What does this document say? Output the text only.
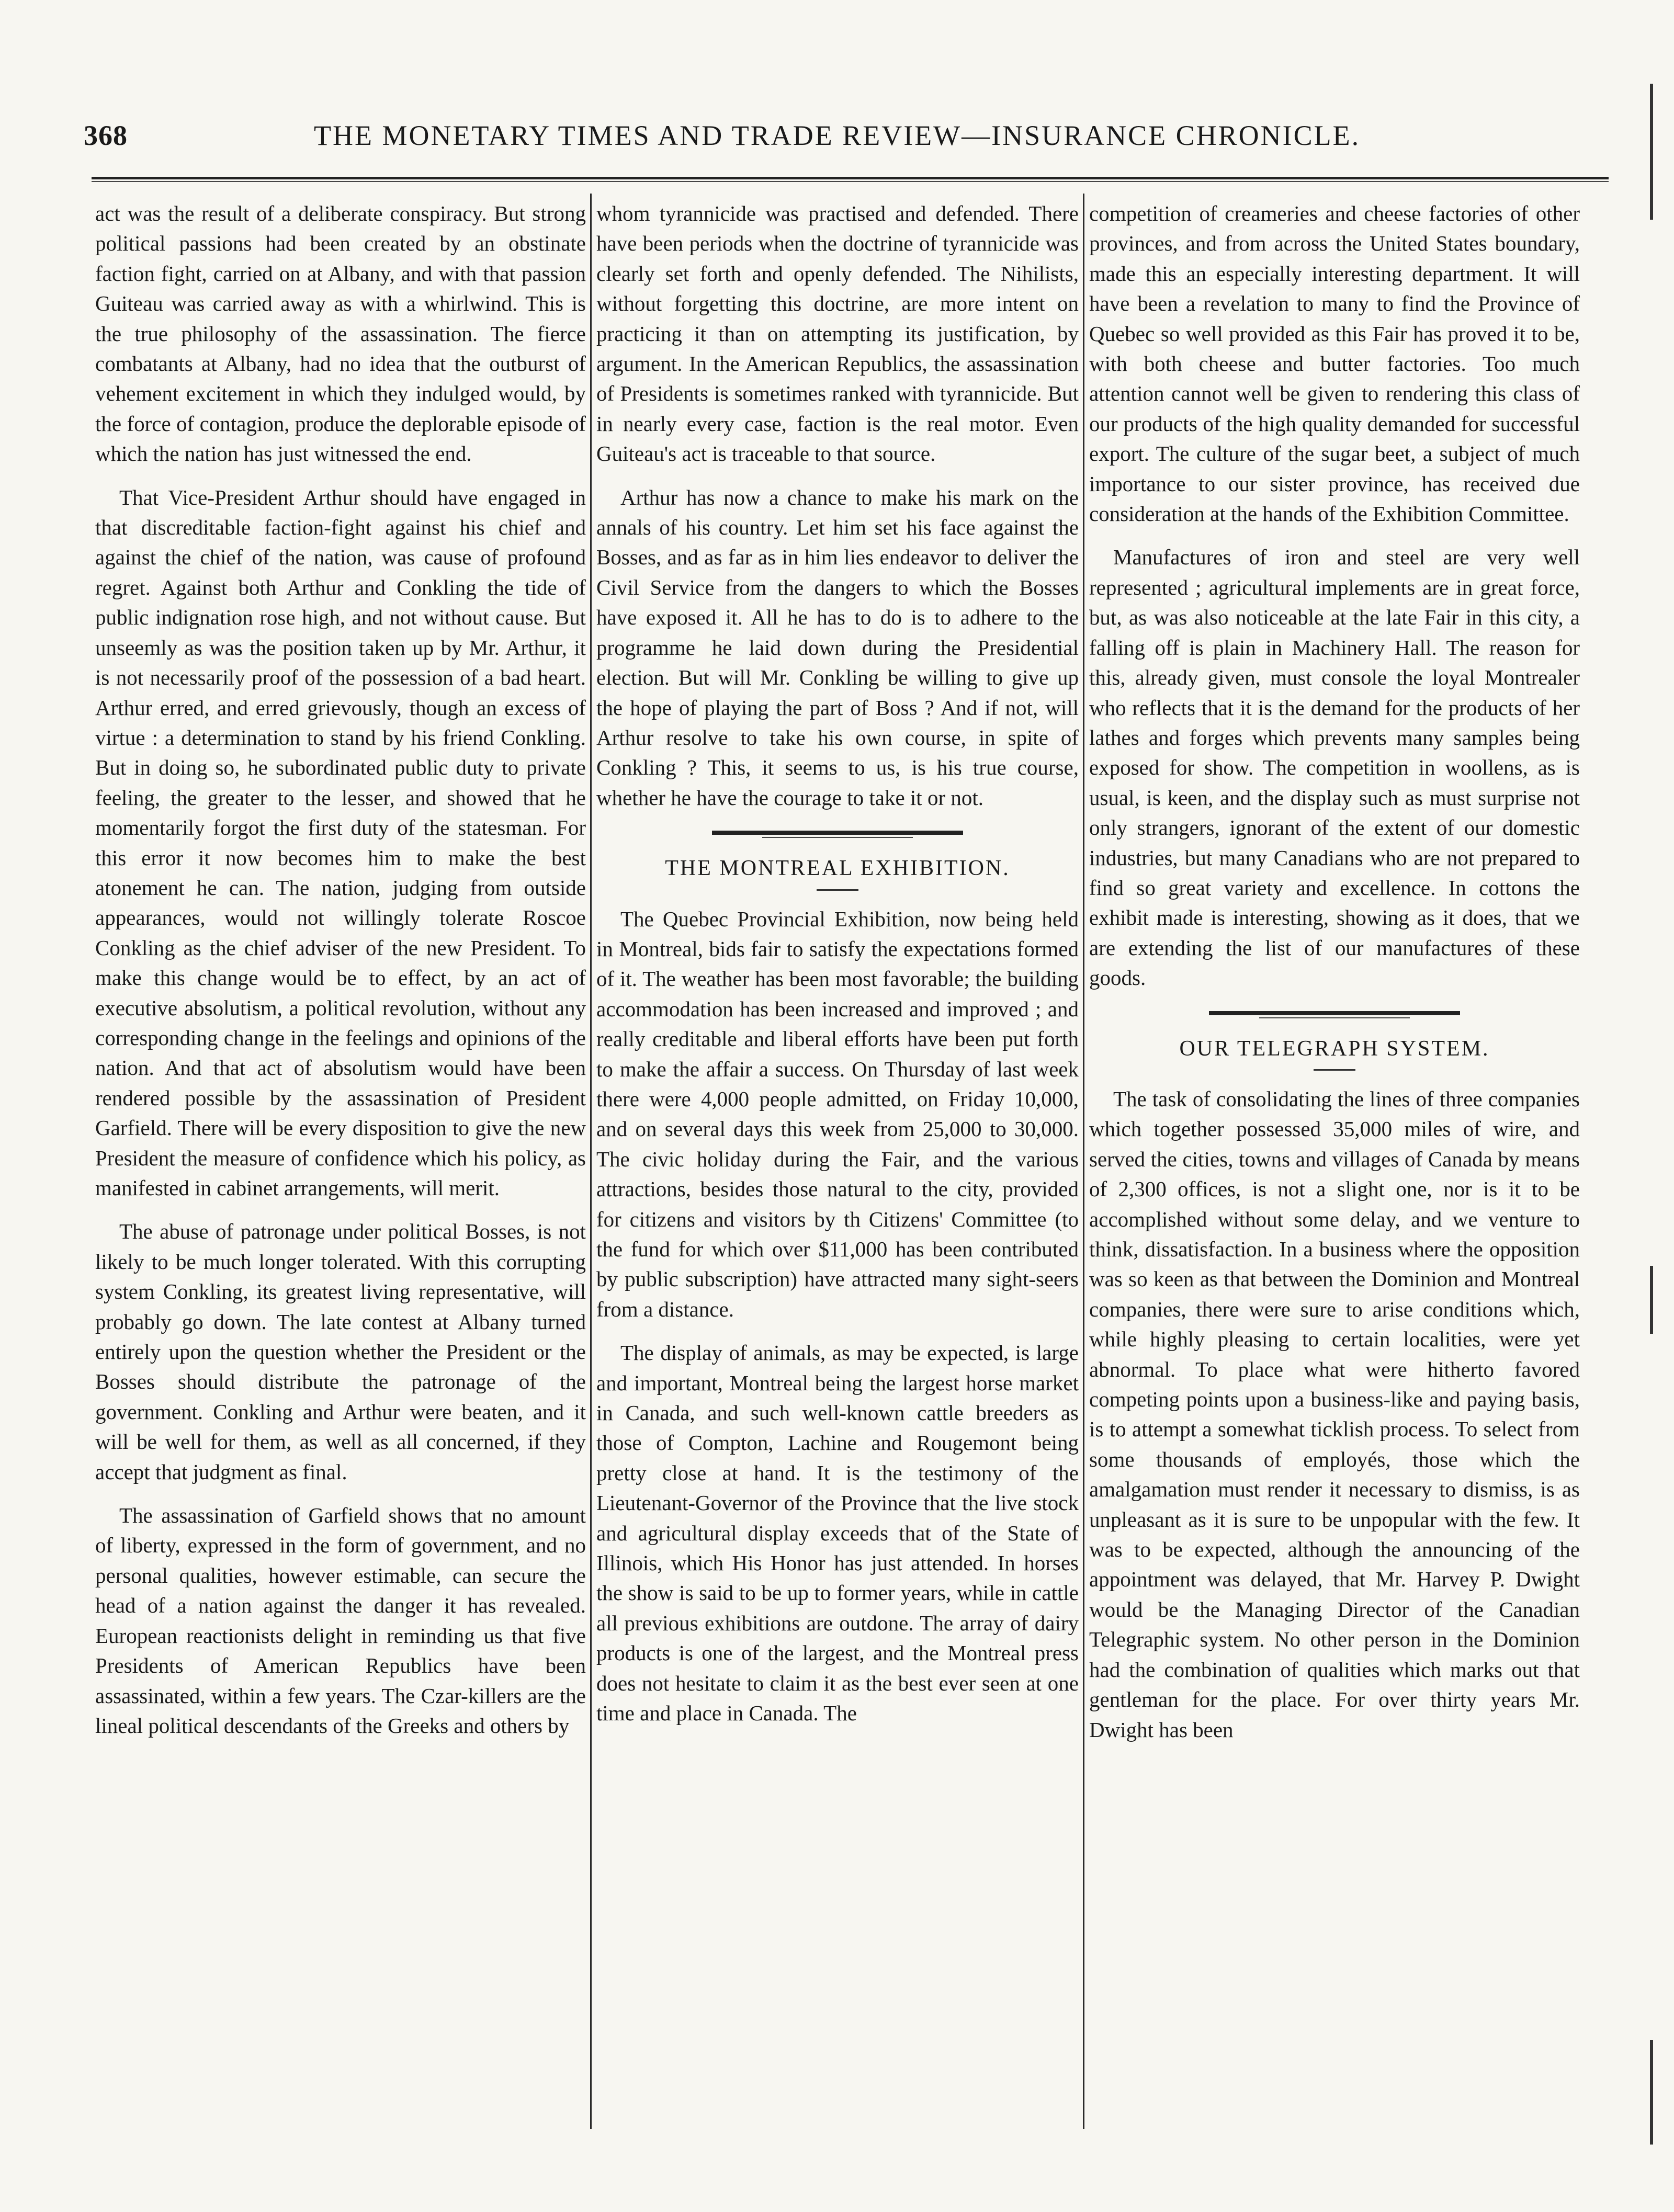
368	THE MONETARY TIMES AND TRADE REVIEW—INSURANCE CHRONICLE.

act was the result of a deliberate conspiracy. But strong political passions had been created by an obstinate faction fight, carried on at Albany, and with that passion Guiteau was carried away as with a whirlwind. This is the true philosophy of the assassination. The fierce combatants at Albany, had no idea that the outburst of vehement excitement in which they indulged would, by the force of contagion, produce the deplorable episode of which the nation has just witnessed the end.

That Vice-President Arthur should have engaged in that discreditable faction-fight against his chief and against the chief of the nation, was cause of profound regret. Against both Arthur and Conkling the tide of public indignation rose high, and not without cause. But unseemly as was the position taken up by Mr. Arthur, it is not necessarily proof of the possession of a bad heart. Arthur erred, and erred grievously, though an excess of virtue : a determination to stand by his friend Conkling. But in doing so, he subordinated public duty to private feeling, the greater to the lesser, and showed that he momentarily forgot the first duty of the statesman. For this error it now becomes him to make the best atonement he can. The nation, judging from outside appearances, would not willingly tolerate Roscoe Conkling as the chief adviser of the new President. To make this change would be to effect, by an act of executive absolutism, a political revolution, without any corresponding change in the feelings and opinions of the nation. And that act of absolutism would have been rendered possible by the assassination of President Garfield. There will be every disposition to give the new President the measure of confidence which his policy, as manifested in cabinet arrangements, will merit.

The abuse of patronage under political Bosses, is not likely to be much longer tolerated. With this corrupting system Conkling, its greatest living representative, will probably go down. The late contest at Albany turned entirely upon the question whether the President or the Bosses should distribute the patronage of the government. Conkling and Arthur were beaten, and it will be well for them, as well as all concerned, if they accept that judgment as final.

The assassination of Garfield shows that no amount of liberty, expressed in the form of government, and no personal qualities, however estimable, can secure the head of a nation against the danger it has revealed. European reactionists delight in reminding us that five Presidents of American Republics have been assassinated, within a few years. The Czar-killers are the lineal political descendants of the Greeks and others by

whom tyrannicide was practised and defended. There have been periods when the doctrine of tyrannicide was clearly set forth and openly defended. The Nihilists, without forgetting this doctrine, are more intent on practicing it than on attempting its justification, by argument. In the American Republics, the assassination of Presidents is sometimes ranked with tyrannicide. But in nearly every case, faction is the real motor. Even Guiteau's act is traceable to that source.

Arthur has now a chance to make his mark on the annals of his country. Let him set his face against the Bosses, and as far as in him lies endeavor to deliver the Civil Service from the dangers to which the Bosses have exposed it. All he has to do is to adhere to the programme he laid down during the Presidential election. But will Mr. Conkling be willing to give up the hope of playing the part of Boss ? And if not, will Arthur resolve to take his own course, in spite of Conkling ? This, it seems to us, is his true course, whether he have the courage to take it or not.

THE MONTREAL EXHIBITION.

The Quebec Provincial Exhibition, now being held in Montreal, bids fair to satisfy the expectations formed of it. The weather has been most favorable; the building accommodation has been increased and improved ; and really creditable and liberal efforts have been put forth to make the affair a success. On Thursday of last week there were 4,000 people admitted, on Friday 10,000, and on several days this week from 25,000 to 30,000. The civic holiday during the Fair, and the various attractions, besides those natural to the city, provided for citizens and visitors by th Citizens' Committee (to the fund for which over $11,000 has been contributed by public subscription) have attracted many sight-seers from a distance.

The display of animals, as may be expected, is large and important, Montreal being the largest horse market in Canada, and such well-known cattle breeders as those of Compton, Lachine and Rougemont being pretty close at hand. It is the testimony of the Lieutenant-Governor of the Province that the live stock and agricultural display exceeds that of the State of Illinois, which His Honor has just attended. In horses the show is said to be up to former years, while in cattle all previous exhibitions are outdone. The array of dairy products is one of the largest, and the Montreal press does not hesitate to claim it as the best ever seen at one time and place in Canada. The

competition of creameries and cheese factories of other provinces, and from across the United States boundary, made this an especially interesting department. It will have been a revelation to many to find the Province of Quebec so well provided as this Fair has proved it to be, with both cheese and butter factories. Too much attention cannot well be given to rendering this class of our products of the high quality demanded for successful export. The culture of the sugar beet, a subject of much importance to our sister province, has received due consideration at the hands of the Exhibition Committee.

Manufactures of iron and steel are very well represented ; agricultural implements are in great force, but, as was also noticeable at the late Fair in this city, a falling off is plain in Machinery Hall. The reason for this, already given, must console the loyal Montrealer who reflects that it is the demand for the products of her lathes and forges which prevents many samples being exposed for show. The competition in woollens, as is usual, is keen, and the display such as must surprise not only strangers, ignorant of the extent of our domestic industries, but many Canadians who are not prepared to find so great variety and excellence. In cottons the exhibit made is interesting, showing as it does, that we are extending the list of our manufactures of these goods.

OUR TELEGRAPH SYSTEM.

The task of consolidating the lines of three companies which together possessed 35,000 miles of wire, and served the cities, towns and villages of Canada by means of 2,300 offices, is not a slight one, nor is it to be accomplished without some delay, and we venture to think, dissatisfaction. In a business where the opposition was so keen as that between the Dominion and Montreal companies, there were sure to arise conditions which, while highly pleasing to certain localities, were yet abnormal. To place what were hitherto favored competing points upon a business-like and paying basis, is to attempt a somewhat ticklish process. To select from some thousands of employés, those which the amalgamation must render it necessary to dismiss, is as unpleasant as it is sure to be unpopular with the few. It was to be expected, although the announcing of the appointment was delayed, that Mr. Harvey P. Dwight would be the Managing Director of the Canadian Telegraphic system. No other person in the Dominion had the combination of qualities which marks out that gentleman for the place. For over thirty years Mr. Dwight has been
